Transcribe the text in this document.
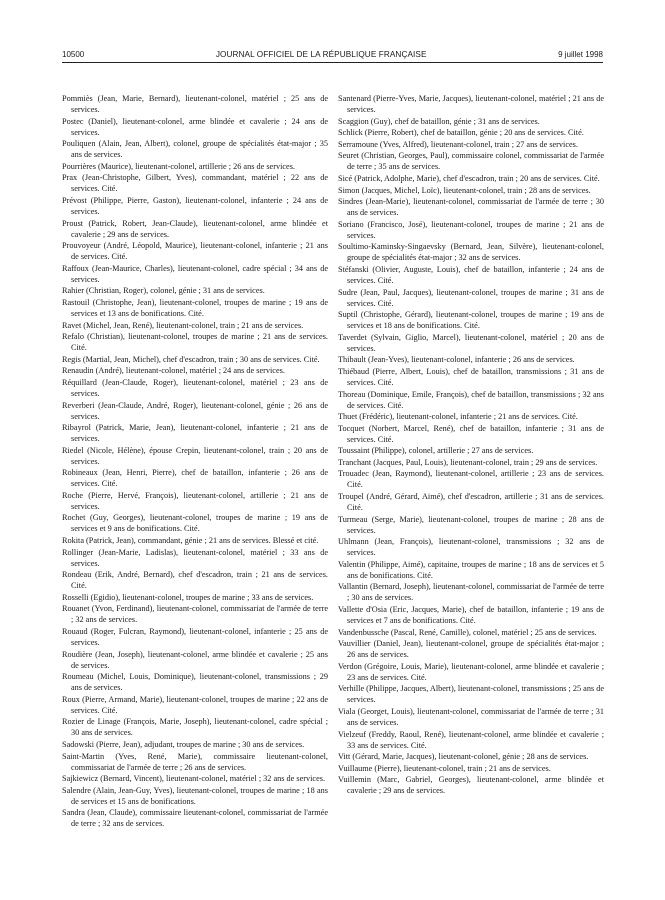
10500	JOURNAL OFFICIEL DE LA RÉPUBLIQUE FRANÇAISE	9 juillet 1998

Pommiès (Jean, Marie, Bernard), lieutenant-colonel, matériel ; 25 ans de services.

Postec (Daniel), lieutenant-colonel, arme blindée et cavalerie ; 24 ans de services.

Pouliquen (Alain, Jean, Albert), colonel, groupe de spécialités état-major ; 35 ans de services.

Pourrières (Maurice), lieutenant-colonel, artillerie ; 26 ans de services.

Prax (Jean-Christophe, Gilbert, Yves), commandant, matériel ; 22 ans de services. Cité.

Prévost (Philippe, Pierre, Gaston), lieutenant-colonel, infanterie ; 24 ans de services.

Proust (Patrick, Robert, Jean-Claude), lieutenant-colonel, arme blindée et cavalerie ; 29 ans de services.

Prouvoyeur (André, Léopold, Maurice), lieutenant-colonel, infanterie ; 21 ans de services. Cité.

Raffoux (Jean-Maurice, Charles), lieutenant-colonel, cadre spécial ; 34 ans de services.

Rahier (Christian, Roger), colonel, génie ; 31 ans de services.

Rastouil (Christophe, Jean), lieutenant-colonel, troupes de marine ; 19 ans de services et 13 ans de bonifications. Cité.

Ravet (Michel, Jean, René), lieutenant-colonel, train ; 21 ans de services.

Refalo (Christian), lieutenant-colonel, troupes de marine ; 21 ans de services. Cité.

Regis (Martial, Jean, Michel), chef d'escadron, train ; 30 ans de services. Cité.

Renaudin (André), lieutenant-colonel, matériel ; 24 ans de services.

Réquillard (Jean-Claude, Roger), lieutenant-colonel, matériel ; 23 ans de services.

Reverberi (Jean-Claude, André, Roger), lieutenant-colonel, génie ; 26 ans de services.

Ribayrol (Patrick, Marie, Jean), lieutenant-colonel, infanterie ; 21 ans de services.

Riedel (Nicole, Hélène), épouse Crepin, lieutenant-colonel, train ; 20 ans de services.

Robineaux (Jean, Henri, Pierre), chef de bataillon, infanterie ; 26 ans de services. Cité.

Roche (Pierre, Hervé, François), lieutenant-colonel, artillerie ; 21 ans de services.

Rochet (Guy, Georges), lieutenant-colonel, troupes de marine ; 19 ans de services et 9 ans de bonifications. Cité.

Rokita (Patrick, Jean), commandant, génie ; 21 ans de services. Blessé et cité.

Rollinger (Jean-Marie, Ladislas), lieutenant-colonel, matériel ; 33 ans de services.

Rondeau (Erik, André, Bernard), chef d'escadron, train ; 21 ans de services. Cité.

Rosselli (Egidio), lieutenant-colonel, troupes de marine ; 33 ans de services.

Rouanet (Yvon, Ferdinand), lieutenant-colonel, commissariat de l'armée de terre ; 32 ans de services.

Rouaud (Roger, Fulcran, Raymond), lieutenant-colonel, infanterie ; 25 ans de services.

Roudière (Jean, Joseph), lieutenant-colonel, arme blindée et cavalerie ; 25 ans de services.

Roumeau (Michel, Louis, Dominique), lieutenant-colonel, transmissions ; 29 ans de services.

Roux (Pierre, Armand, Marie), lieutenant-colonel, troupes de marine ; 22 ans de services. Cité.

Rozier de Linage (François, Marie, Joseph), lieutenant-colonel, cadre spécial ; 30 ans de services.

Sadowski (Pierre, Jean), adjudant, troupes de marine ; 30 ans de services.

Saint-Martin (Yves, René, Marie), commissaire lieutenant-colonel, commissariat de l'armée de terre ; 26 ans de services.

Sajkiewicz (Bernard, Vincent), lieutenant-colonel, matériel ; 32 ans de services.

Salendre (Alain, Jean-Guy, Yves), lieutenant-colonel, troupes de marine ; 18 ans de services et 15 ans de bonifications.

Sandra (Jean, Claude), commissaire lieutenant-colonel, commissariat de l'armée de terre ; 32 ans de services.

Santenard (Pierre-Yves, Marie, Jacques), lieutenant-colonel, matériel ; 21 ans de services.

Scaggion (Guy), chef de bataillon, génie ; 31 ans de services.

Schlick (Pierre, Robert), chef de bataillon, génie ; 20 ans de services. Cité.

Serramoune (Yves, Alfred), lieutenant-colonel, train ; 27 ans de services.

Seuret (Christian, Georges, Paul), commissaire colonel, commissariat de l'armée de terre ; 35 ans de services.

Sicé (Patrick, Adolphe, Marie), chef d'escadron, train ; 20 ans de services. Cité.

Simon (Jacques, Michel, Loïc), lieutenant-colonel, train ; 28 ans de services.

Sindres (Jean-Marie), lieutenant-colonel, commissariat de l'armée de terre ; 30 ans de services.

Soriano (Francisco, José), lieutenant-colonel, troupes de marine ; 21 ans de services.

Soultimo-Kaminsky-Singaevsky (Bernard, Jean, Silvère), lieutenant-colonel, groupe de spécialités état-major ; 32 ans de services.

Stéfanski (Olivier, Auguste, Louis), chef de bataillon, infanterie ; 24 ans de services. Cité.

Sudre (Jean, Paul, Jacques), lieutenant-colonel, troupes de marine ; 31 ans de services. Cité.

Suptil (Christophe, Gérard), lieutenant-colonel, troupes de marine ; 19 ans de services et 18 ans de bonifications. Cité.

Taverdet (Sylvain, Giglio, Marcel), lieutenant-colonel, matériel ; 20 ans de services.

Thibault (Jean-Yves), lieutenant-colonel, infanterie ; 26 ans de services.

Thiébaud (Pierre, Albert, Louis), chef de bataillon, transmissions ; 31 ans de services. Cité.

Thoreau (Dominique, Emile, François), chef de bataillon, transmissions ; 32 ans de services. Cité.

Thuet (Frédéric), lieutenant-colonel, infanterie ; 21 ans de services. Cité.

Tocquet (Norbert, Marcel, René), chef de bataillon, infanterie ; 31 ans de services. Cité.

Toussaint (Philippe), colonel, artillerie ; 27 ans de services.

Tranchant (Jacques, Paul, Louis), lieutenant-colonel, train ; 29 ans de services.

Trouadec (Jean, Raymond), lieutenant-colonel, artillerie ; 23 ans de services. Cité.

Troupel (André, Gérard, Aimé), chef d'escadron, artillerie ; 31 ans de services. Cité.

Turmeau (Serge, Marie), lieutenant-colonel, troupes de marine ; 28 ans de services.

Uhlmann (Jean, François), lieutenant-colonel, transmissions ; 32 ans de services.

Valentin (Philippe, Aimé), capitaine, troupes de marine ; 18 ans de services et 5 ans de bonifications. Cité.

Vallantin (Bernard, Joseph), lieutenant-colonel, commissariat de l'armée de terre ; 30 ans de services.

Vallette d'Osia (Eric, Jacques, Marie), chef de bataillon, infanterie ; 19 ans de services et 7 ans de bonifications. Cité.

Vandenbussche (Pascal, René, Camille), colonel, matériel ; 25 ans de services.

Vauvillier (Daniel, Jean), lieutenant-colonel, groupe de spécialités état-major ; 26 ans de services.

Verdon (Grégoire, Louis, Marie), lieutenant-colonel, arme blindée et cavalerie ; 23 ans de services. Cité.

Verhille (Philippe, Jacques, Albert), lieutenant-colonel, transmissions ; 25 ans de services.

Viala (Georget, Louis), lieutenant-colonel, commissariat de l'armée de terre ; 31 ans de services.

Vielzeuf (Freddy, Raoul, René), lieutenant-colonel, arme blindée et cavalerie ; 33 ans de services. Cité.

Vitt (Gérard, Marie, Jacques), lieutenant-colonel, génie ; 28 ans de services.

Vuillaume (Pierre), lieutenant-colonel, train ; 21 ans de services.

Vuillemin (Marc, Gabriel, Georges), lieutenant-colonel, arme blindée et cavalerie ; 29 ans de services.
